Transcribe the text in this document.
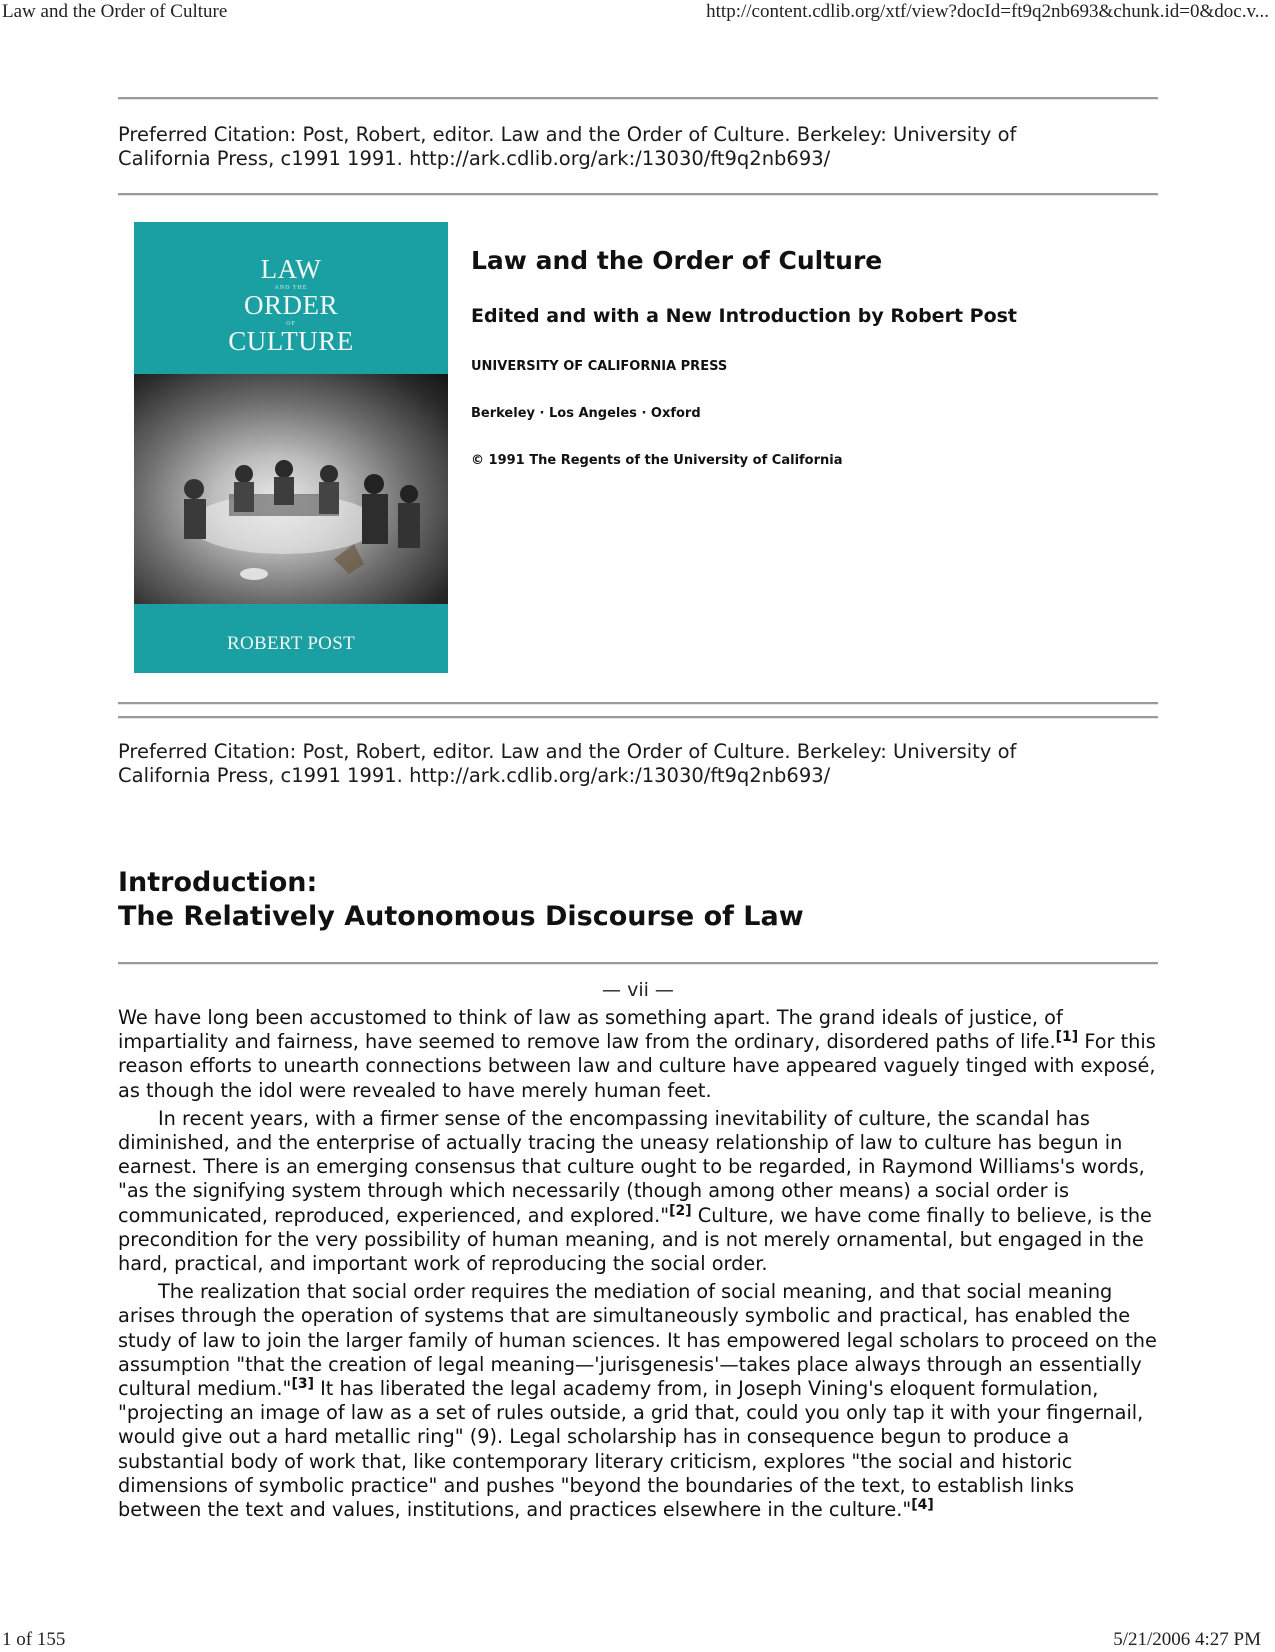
Law and the Order of Culture	http://content.cdlib.org/xtf/view?docId=ft9q2nb693&chunk.id=0&doc.v...
Preferred Citation: Post, Robert, editor. Law and the Order of Culture. Berkeley: University of
California Press, c1991 1991. http://ark.cdlib.org/ark:/13030/ft9q2nb693/
LAW
AND THE
ORDER
OF
CULTURE
ROBERT POST
Law and the Order of Culture
Edited and with a New Introduction by Robert Post
UNIVERSITY OF CALIFORNIA PRESS
Berkeley · Los Angeles · Oxford
© 1991 The Regents of the University of California
Preferred Citation: Post, Robert, editor. Law and the Order of Culture. Berkeley: University of
California Press, c1991 1991. http://ark.cdlib.org/ark:/13030/ft9q2nb693/
Introduction:
The Relatively Autonomous Discourse of Law
— vii —

We have long been accustomed to think of law as something apart. The grand ideals of justice, of impartiality and fairness, have seemed to remove law from the ordinary, disordered paths of life.[1] For this reason efforts to unearth connections between law and culture have appeared vaguely tinged with exposé, as though the idol were revealed to have merely human feet.

In recent years, with a firmer sense of the encompassing inevitability of culture, the scandal has diminished, and the enterprise of actually tracing the uneasy relationship of law to culture has begun in earnest. There is an emerging consensus that culture ought to be regarded, in Raymond Williams's words, "as the signifying system through which necessarily (though among other means) a social order is communicated, reproduced, experienced, and explored."[2] Culture, we have come finally to believe, is the precondition for the very possibility of human meaning, and is not merely ornamental, but engaged in the hard, practical, and important work of reproducing the social order.

The realization that social order requires the mediation of social meaning, and that social meaning arises through the operation of systems that are simultaneously symbolic and practical, has enabled the study of law to join the larger family of human sciences. It has empowered legal scholars to proceed on the assumption "that the creation of legal meaning—'jurisgenesis'—takes place always through an essentially cultural medium."[3] It has liberated the legal academy from, in Joseph Vining's eloquent formulation, "projecting an image of law as a set of rules outside, a grid that, could you only tap it with your fingernail, would give out a hard metallic ring" (9). Legal scholarship has in consequence begun to produce a substantial body of work that, like contemporary literary criticism, explores "the social and historic dimensions of symbolic practice" and pushes "beyond the boundaries of the text, to establish links between the text and values, institutions, and practices elsewhere in the culture."[4]

1 of 155	5/21/2006 4:27 PM
